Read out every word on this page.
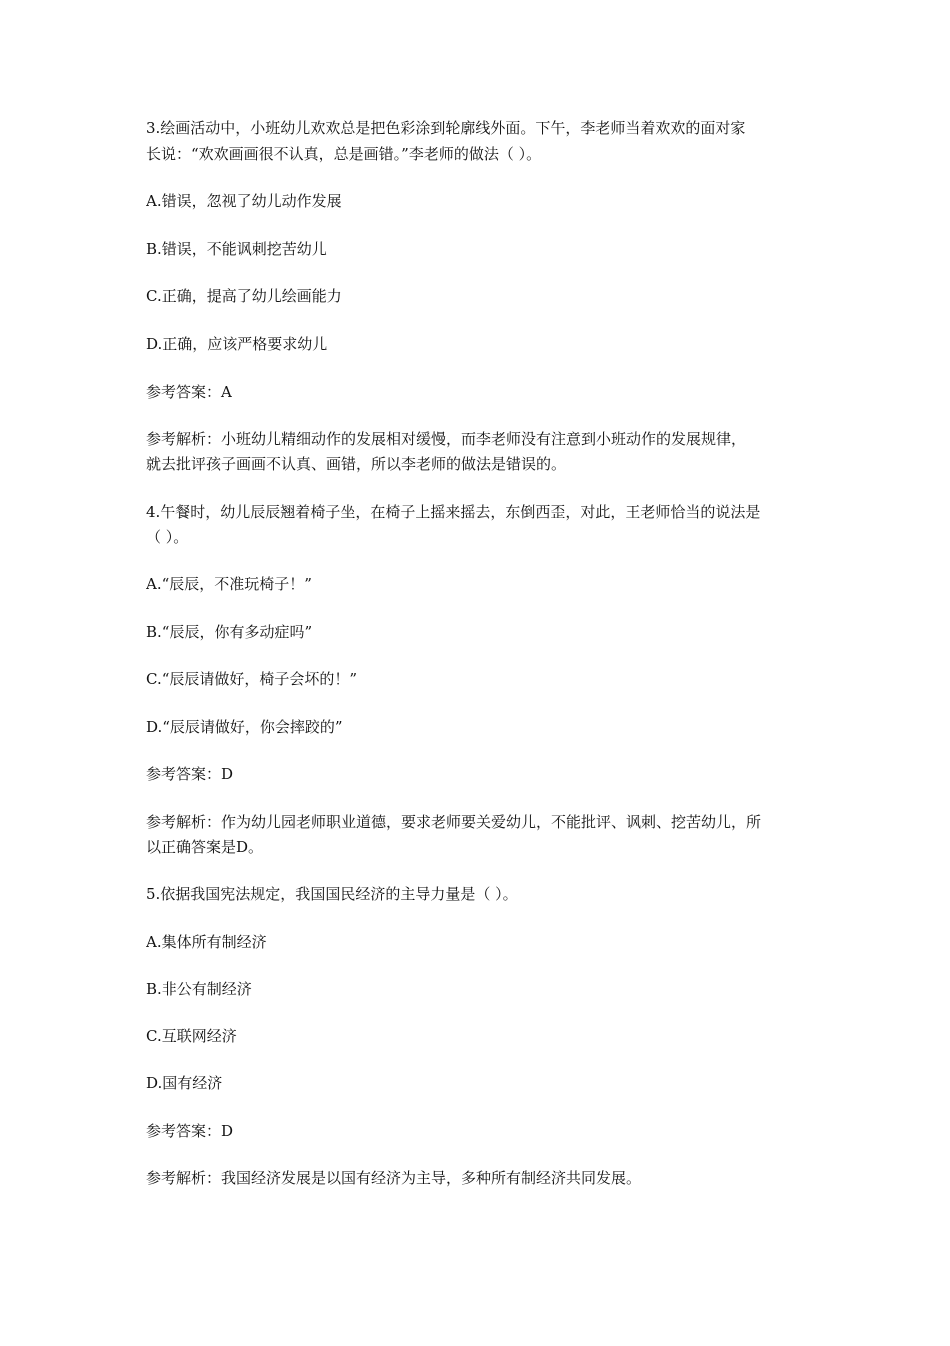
3.绘画活动中，小班幼儿欢欢总是把色彩涂到轮廓线外面。下午，李老师当着欢欢的面对家
长说：“欢欢画画很不认真，总是画错。”李老师的做法（ ）。
A.错误，忽视了幼儿动作发展
B.错误，不能讽刺挖苦幼儿
C.正确，提高了幼儿绘画能力
D.正确，应该严格要求幼儿
参考答案：A
参考解析：小班幼儿精细动作的发展相对缓慢，而李老师没有注意到小班动作的发展规律，
就去批评孩子画画不认真、画错，所以李老师的做法是错误的。
4.午餐时，幼儿辰辰翘着椅子坐，在椅子上摇来摇去，东倒西歪，对此，王老师恰当的说法是
（ ）。
A.“辰辰，不准玩椅子！”
B.“辰辰，你有多动症吗”
C.“辰辰请做好，椅子会坏的！”
D.“辰辰请做好，你会摔跤的”
参考答案：D
参考解析：作为幼儿园老师职业道德，要求老师要关爱幼儿，不能批评、讽刺、挖苦幼儿，所
以正确答案是D。
5.依据我国宪法规定，我国国民经济的主导力量是（ ）。
A.集体所有制经济
B.非公有制经济
C.互联网经济
D.国有经济
参考答案：D
参考解析：我国经济发展是以国有经济为主导，多种所有制经济共同发展。
